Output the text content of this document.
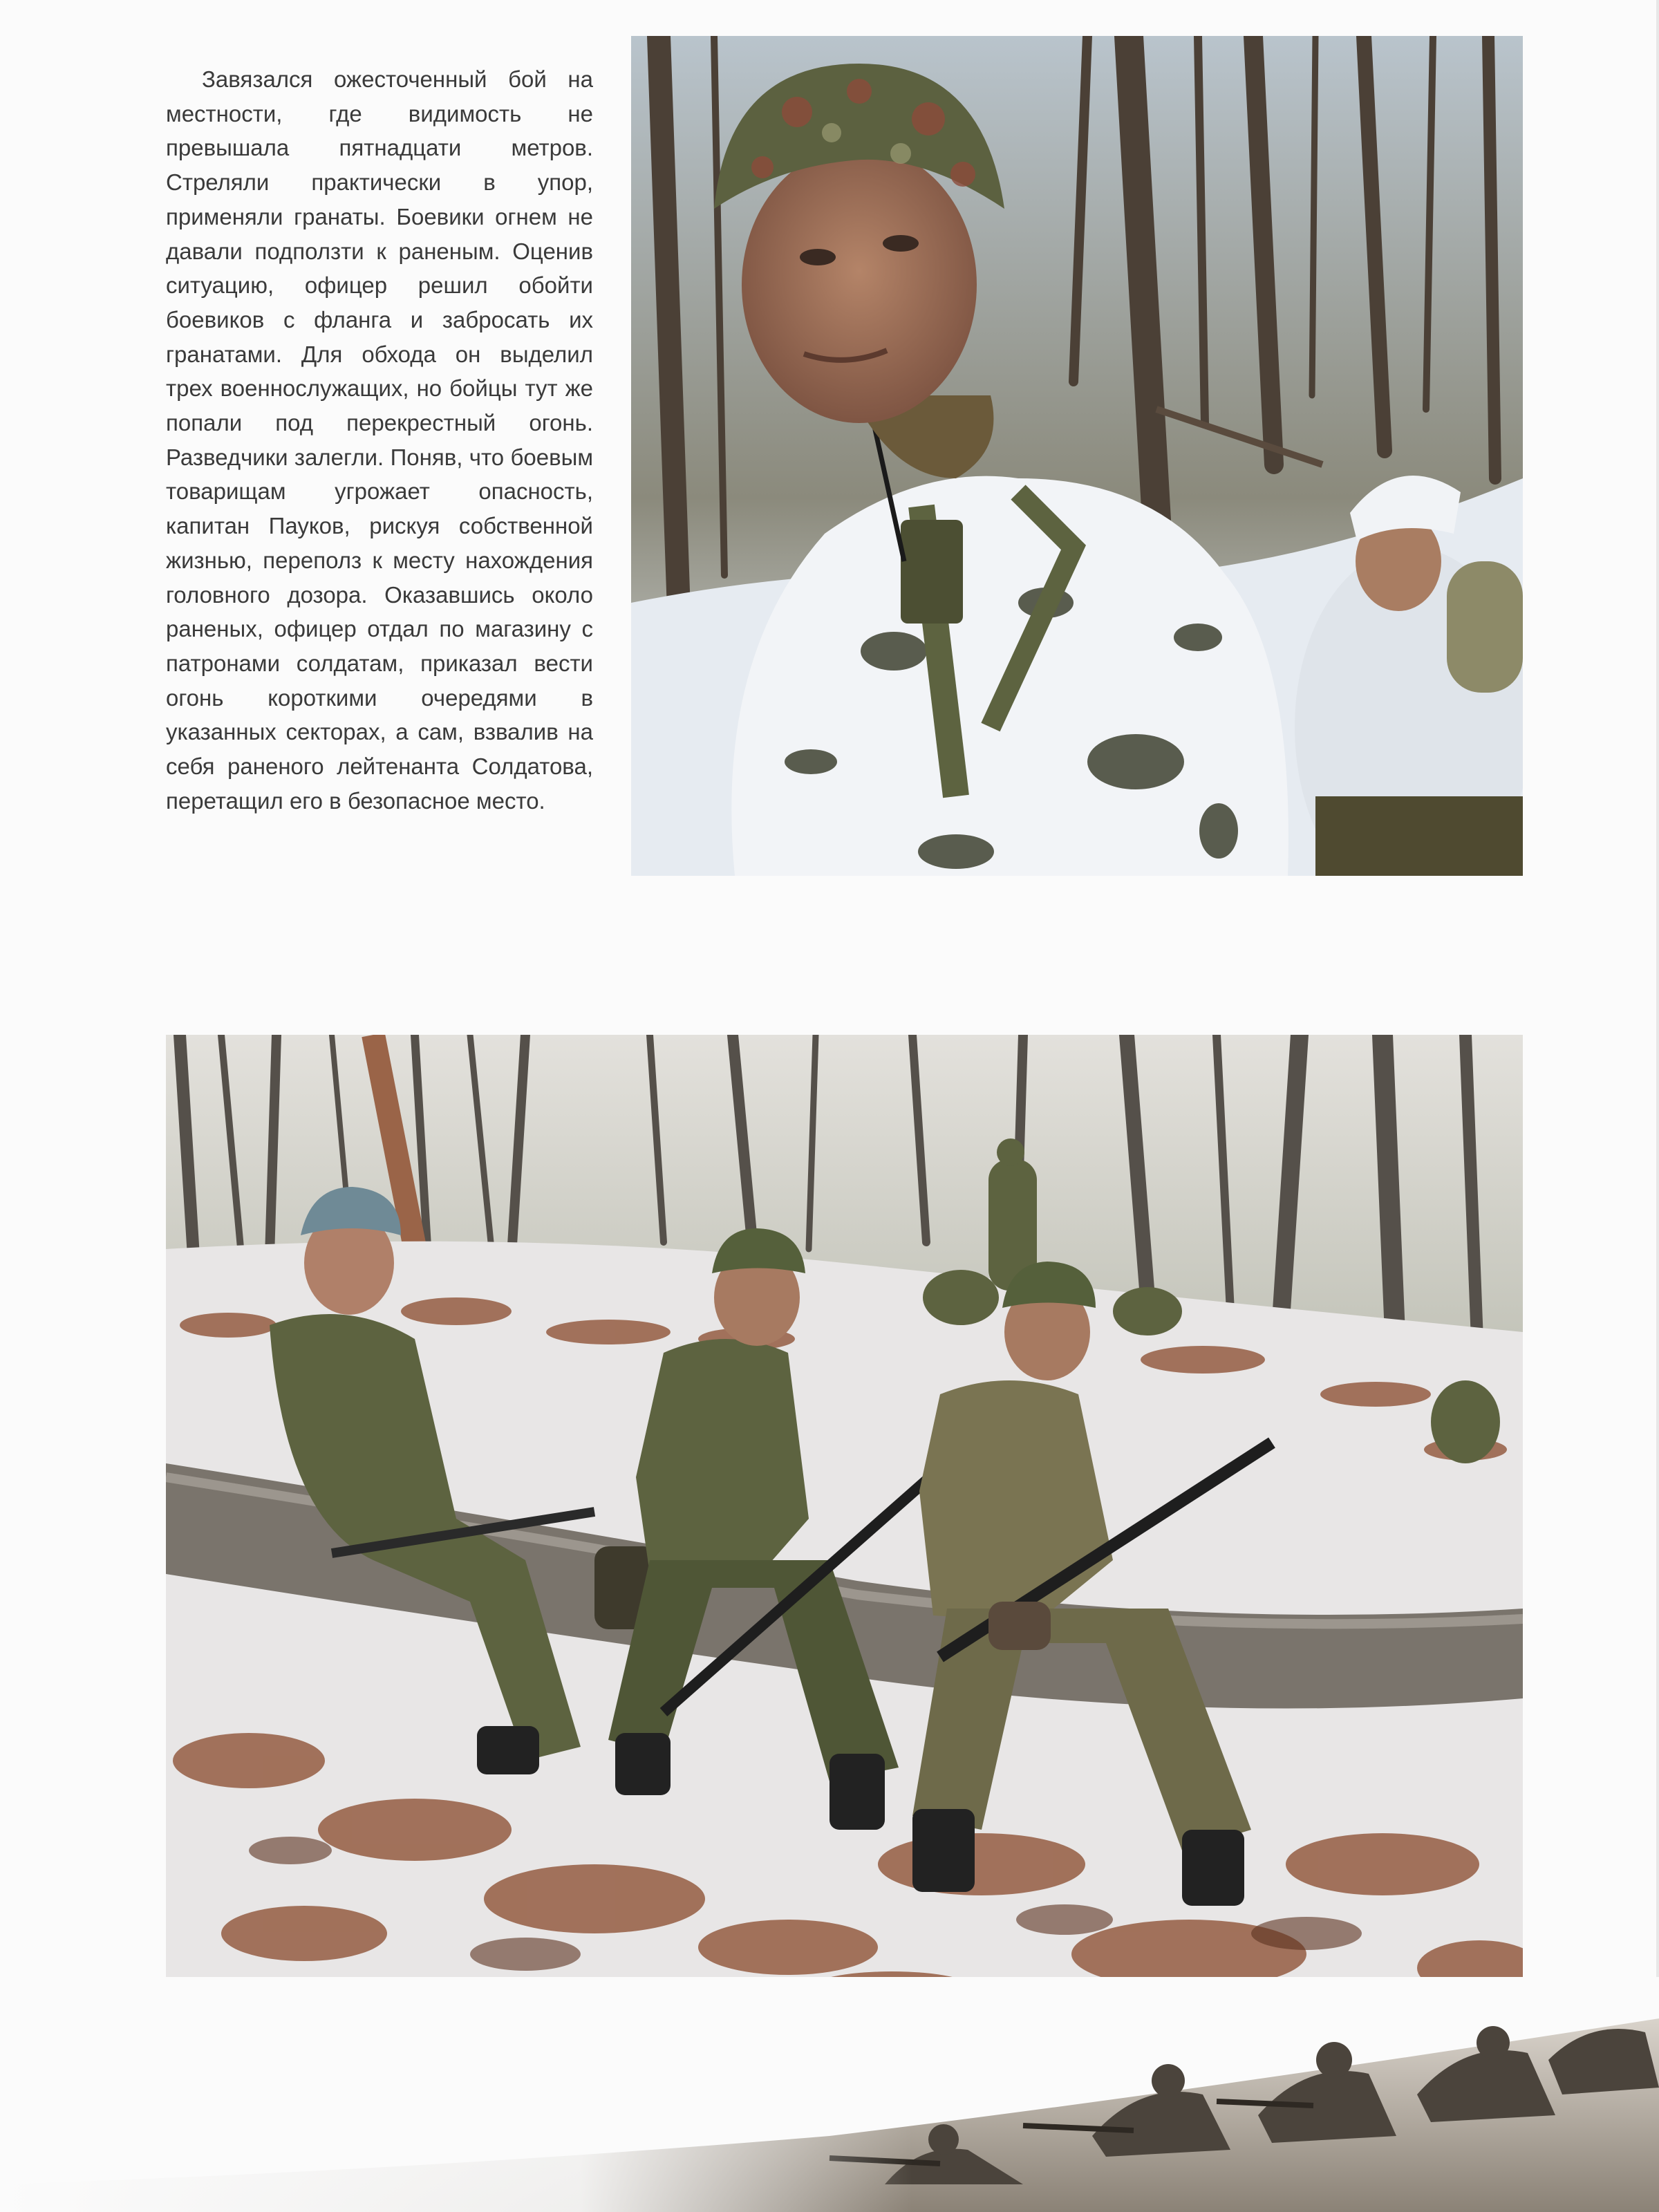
Завязался ожесточенный бой на местности, где видимость не превышала пятнадцати метров. Стреляли практически в упор, применяли гранаты. Боевики огнем не давали подползти к раненым. Оценив ситуацию, офицер решил обойти боевиков с фланга и забросать их гранатами. Для обхода он выделил трех военнослужащих, но бойцы тут же попали под перекрестный огонь. Разведчики залегли. Поняв, что боевым товарищам угрожает опасность, капитан Пауков, рискуя собственной жизнью, переполз к месту нахождения головного дозора. Оказавшись около раненых, офицер отдал по магазину с патронами солдатам, приказал вести огонь короткими очередями в указанных секторах, а сам, взвалив на себя раненого лейтенанта Солдатова, перетащил его в безопасное место.
